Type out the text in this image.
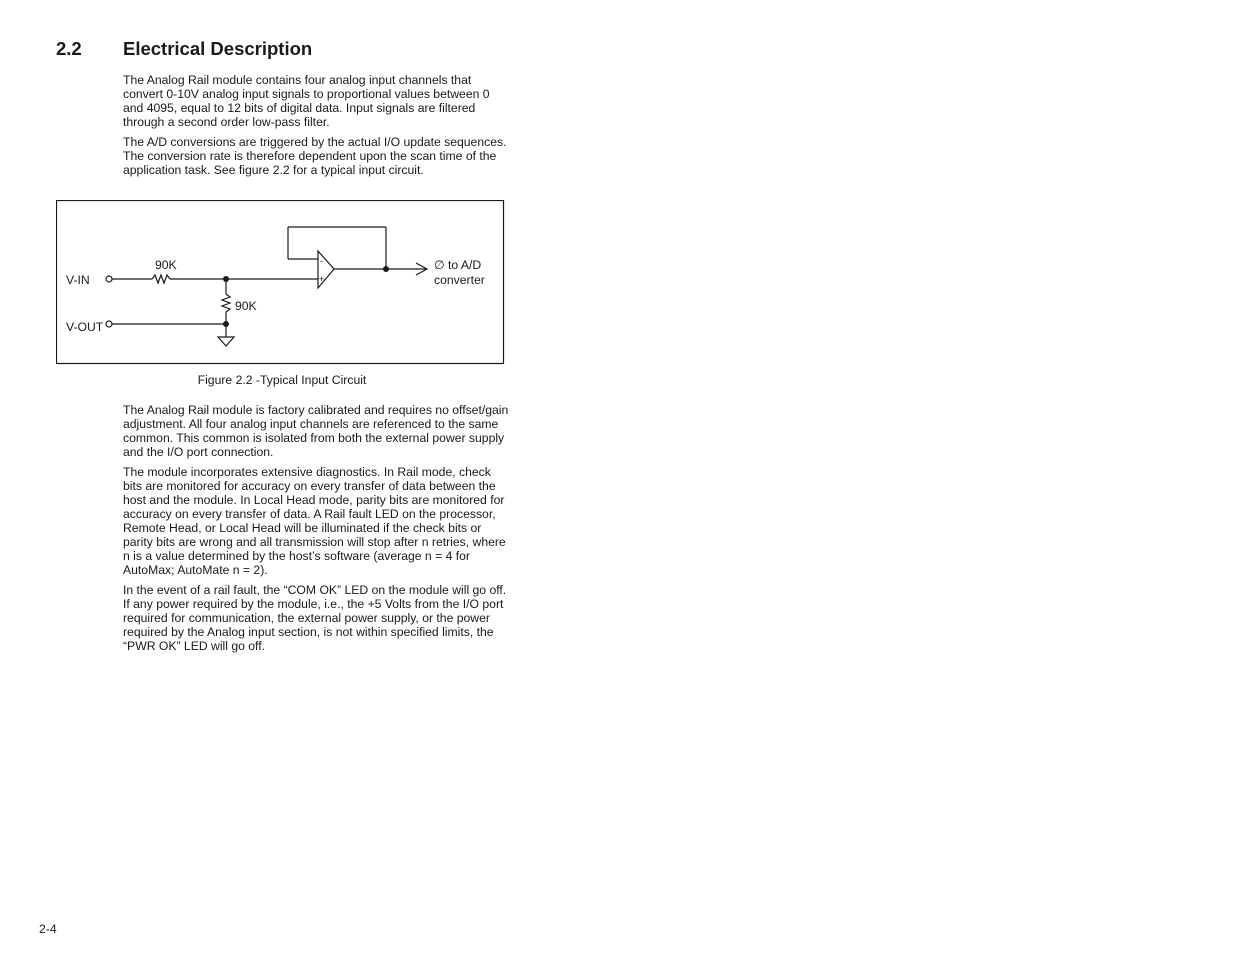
2.2 Electrical Description

The Analog Rail module contains four analog input channels that convert 0-10V analog input signals to proportional values between 0 and 4095, equal to 12 bits of digital data. Input signals are filtered through a second order low-pass filter.

The A/D conversions are triggered by the actual I/O update sequences. The conversion rate is therefore dependent upon the scan time of the application task. See figure 2.2 for a typical input circuit.

V-IN
90K
90K
V-OUT
-
+
∅ to A/D
converter

Figure 2.2 -Typical Input Circuit

The Analog Rail module is factory calibrated and requires no offset/gain adjustment. All four analog input channels are referenced to the same common. This common is isolated from both the external power supply and the I/O port connection.

The module incorporates extensive diagnostics. In Rail mode, check bits are monitored for accuracy on every transfer of data between the host and the module. In Local Head mode, parity bits are monitored for accuracy on every transfer of data. A Rail fault LED on the processor, Remote Head, or Local Head will be illuminated if the check bits or parity bits are wrong and all transmission will stop after n retries, where n is a value determined by the host’s software (average n = 4 for AutoMax; AutoMate n = 2).

In the event of a rail fault, the “COM OK” LED on the module will go off. If any power required by the module, i.e., the +5 Volts from the I/O port required for communication, the external power supply, or the power required by the Analog input section, is not within specified limits, the “PWR OK” LED will go off.

2-4
